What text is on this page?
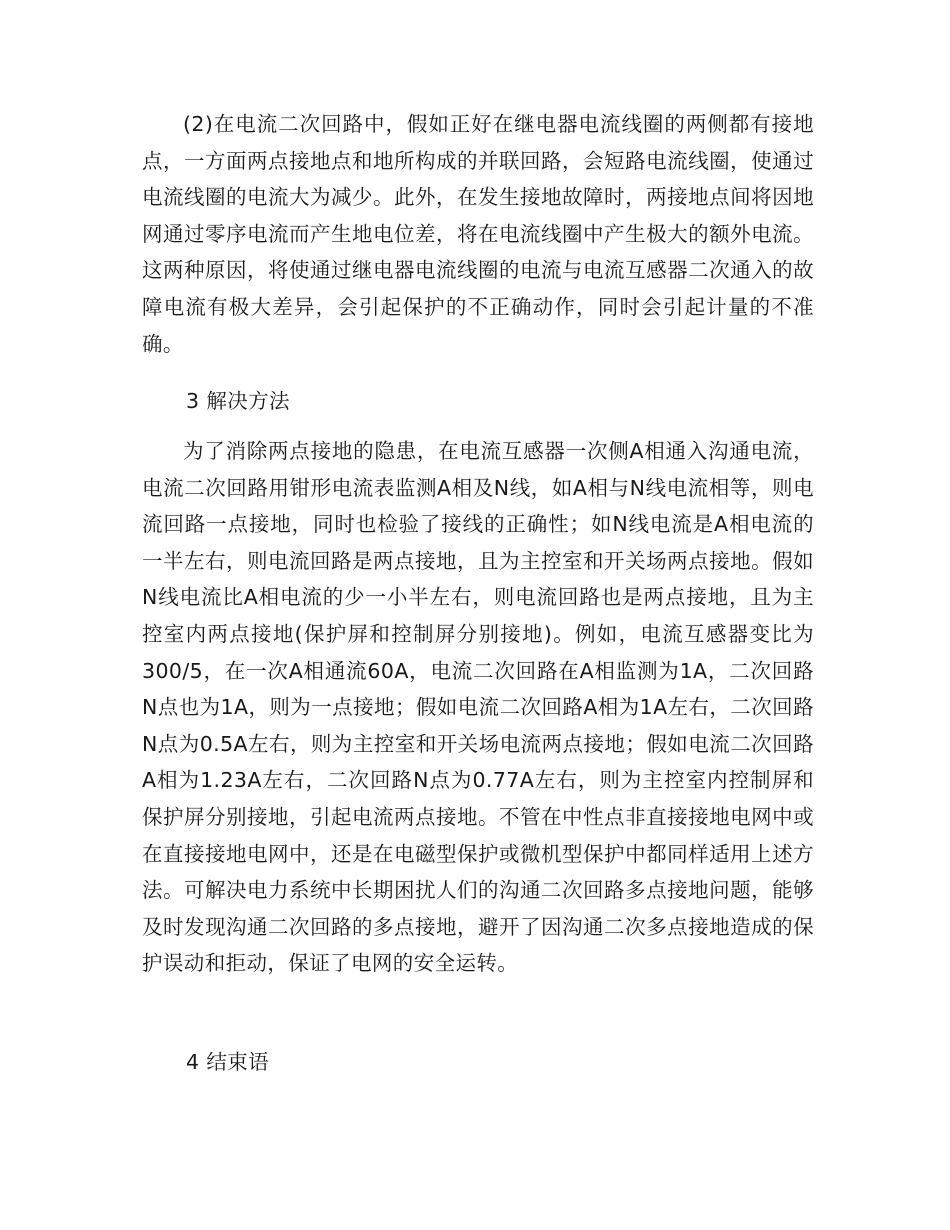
(2)在电流二次回路中，假如正好在继电器电流线圈的两侧都有接地点，一方面两点接地点和地所构成的并联回路，会短路电流线圈，使通过电流线圈的电流大为减少。此外，在发生接地故障时，两接地点间将因地网通过零序电流而产生地电位差，将在电流线圈中产生极大的额外电流。这两种原因，将使通过继电器电流线圈的电流与电流互感器二次通入的故障电流有极大差异，会引起保护的不正确动作，同时会引起计量的不准确。

3 解决方法

为了消除两点接地的隐患，在电流互感器一次侧A相通入沟通电流，电流二次回路用钳形电流表监测A相及N线，如A相与N线电流相等，则电流回路一点接地，同时也检验了接线的正确性；如N线电流是A相电流的一半左右，则电流回路是两点接地，且为主控室和开关场两点接地。假如N线电流比A相电流的少一小半左右，则电流回路也是两点接地，且为主控室内两点接地(保护屏和控制屏分别接地)。例如，电流互感器变比为300/5，在一次A相通流60A，电流二次回路在A相监测为1A，二次回路N点也为1A，则为一点接地；假如电流二次回路A相为1A左右，二次回路N点为0.5A左右，则为主控室和开关场电流两点接地；假如电流二次回路A相为1.23A左右，二次回路N点为0.77A左右，则为主控室内控制屏和保护屏分别接地，引起电流两点接地。不管在中性点非直接接地电网中或在直接接地电网中，还是在电磁型保护或微机型保护中都同样适用上述方法。可解决电力系统中长期困扰人们的沟通二次回路多点接地问题，能够及时发现沟通二次回路的多点接地，避开了因沟通二次多点接地造成的保护误动和拒动，保证了电网的安全运转。

4 结束语
